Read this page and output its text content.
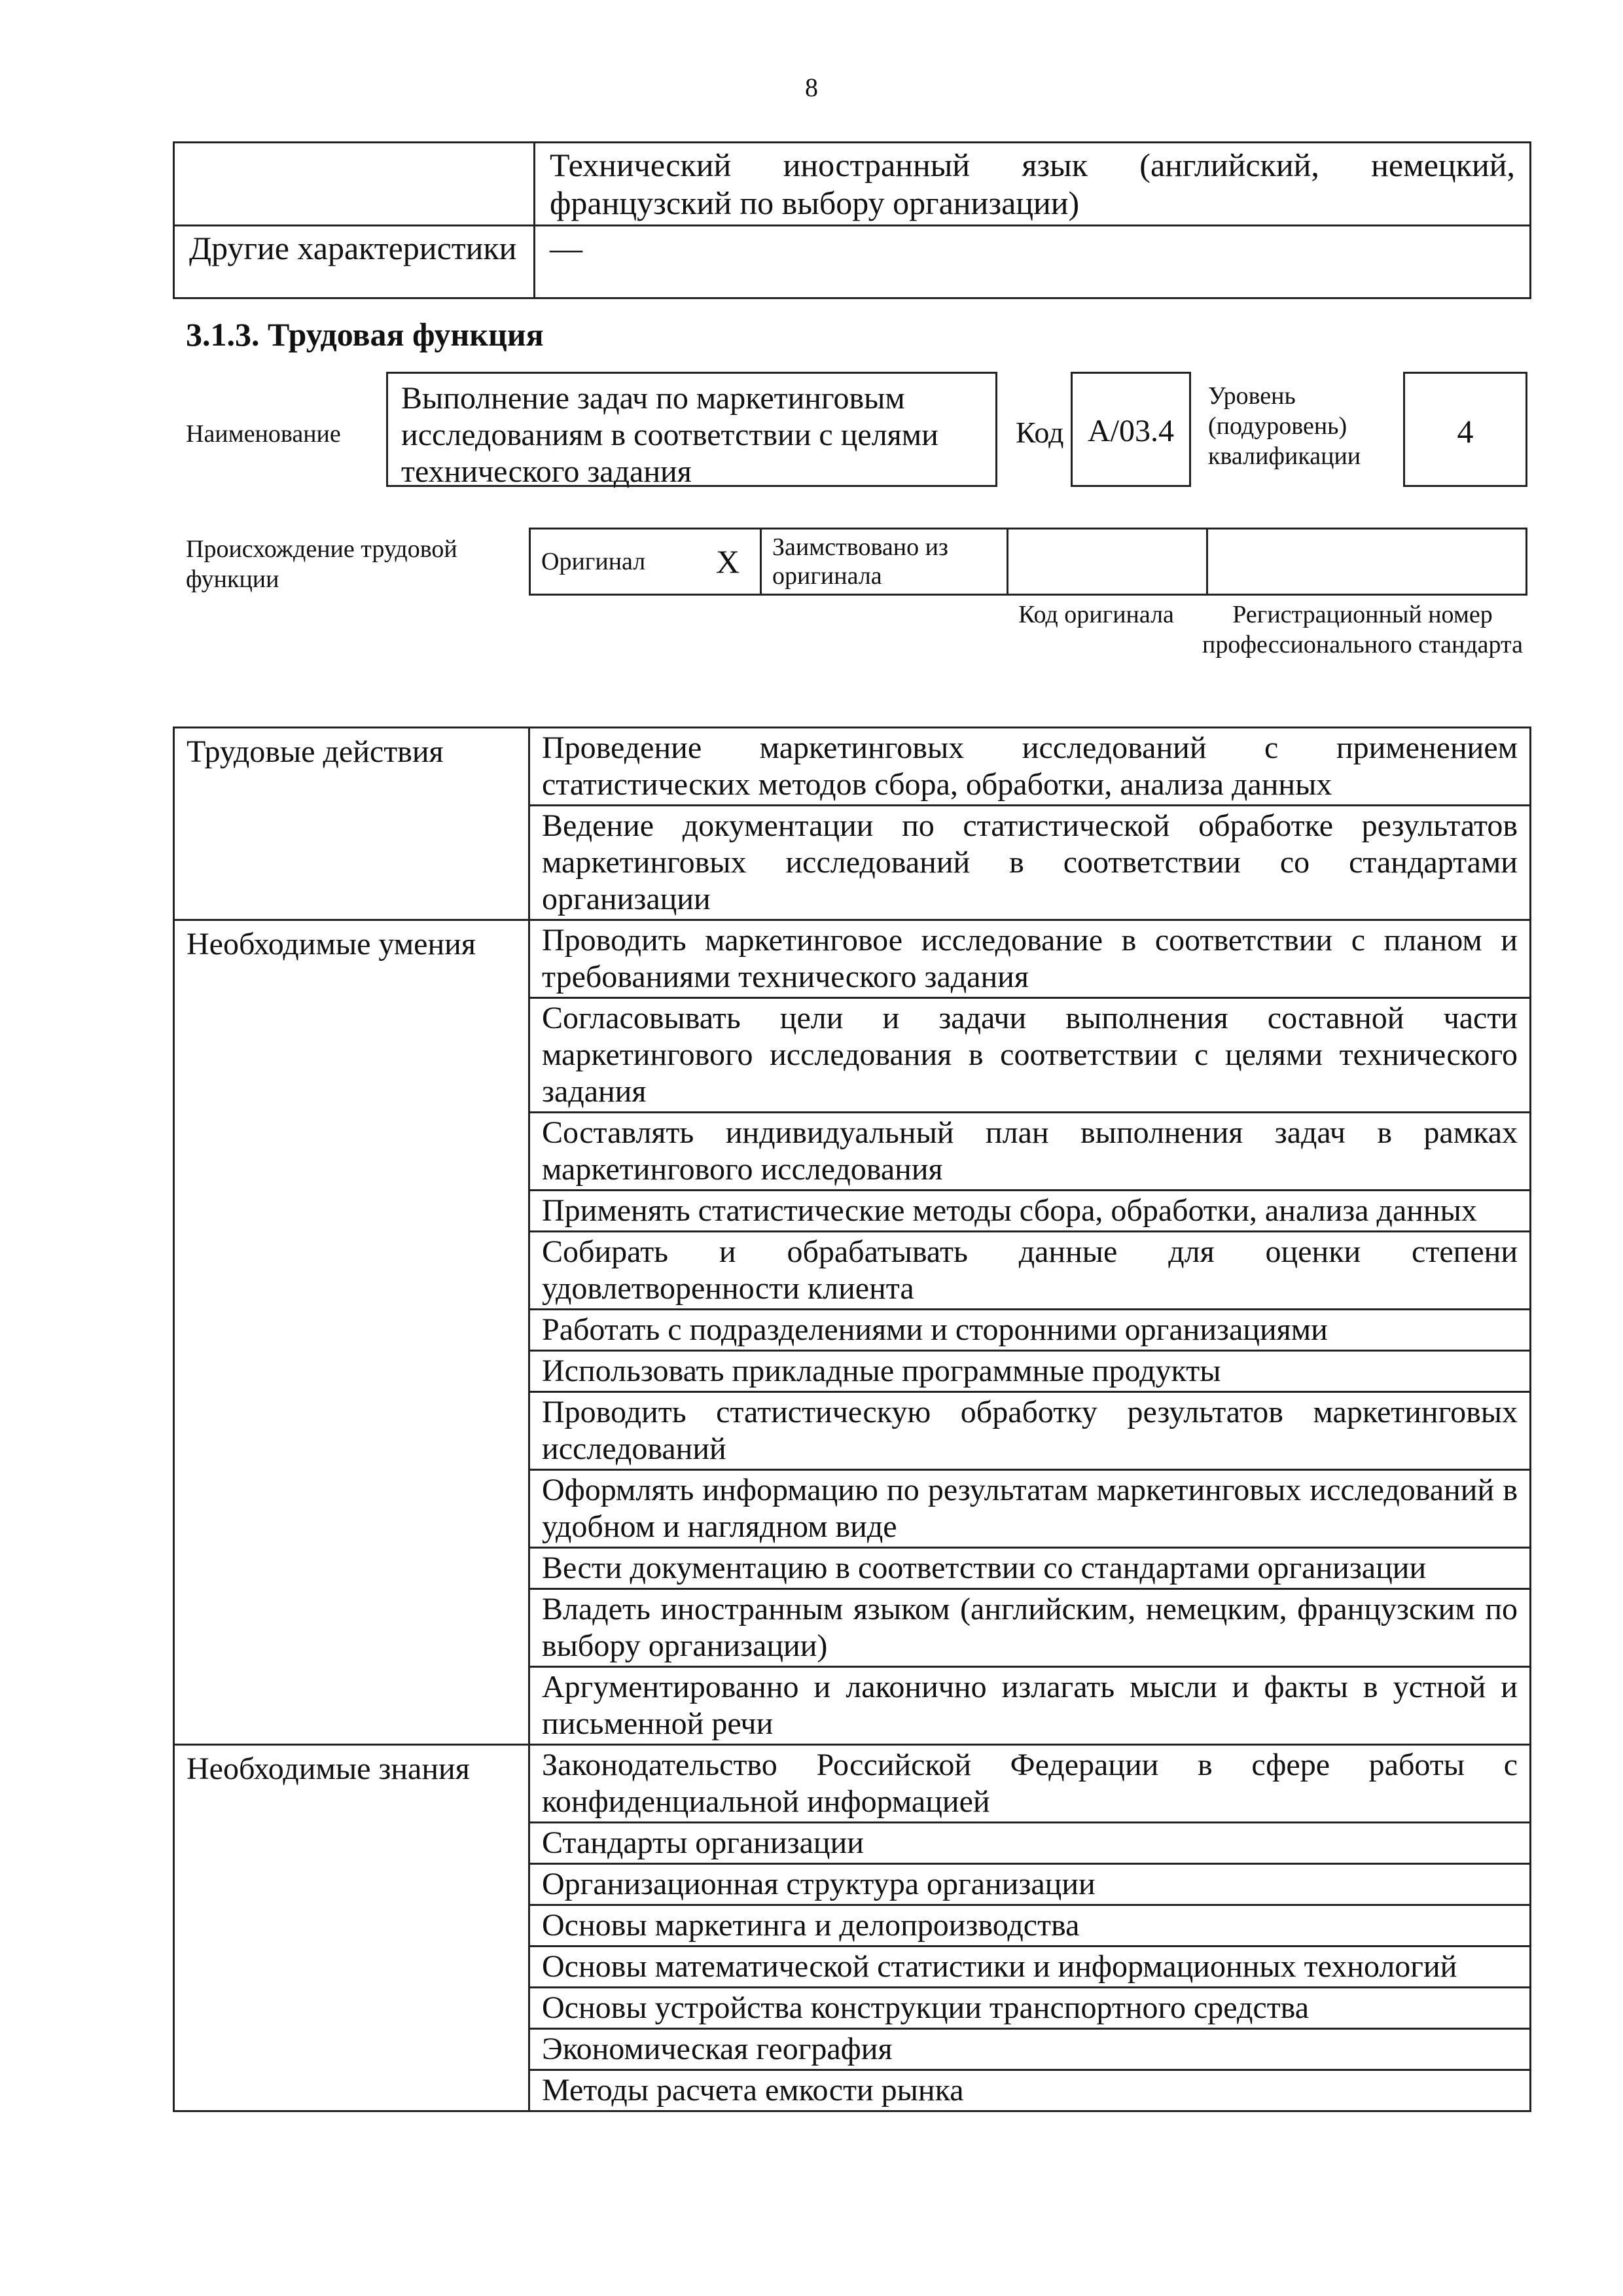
8
	Технический иностранный язык (английский, немецкий, французский по выбору организации)
Другие характеристики	—
3.1.3. Трудовая функция
Наименование
Выполнение задач по маркетинговым исследованиям в соответствии с целями технического задания
Код А/03.4
Уровень (подуровень) квалификации
4
Происхождение трудовой функции
Оригинал	X	Заимствовано из оригинала		
Код оригинала	Регистрационный номер профессионального стандарта
Трудовые действия	Проведение маркетинговых исследований с применением статистических методов сбора, обработки, анализа данных
	Ведение документации по статистической обработке результатов маркетинговых исследований в соответствии со стандартами организации
Необходимые умения	Проводить маркетинговое исследование в соответствии с планом и требованиями технического задания
	Согласовывать цели и задачи выполнения составной части маркетингового исследования в соответствии с целями технического задания
	Составлять индивидуальный план выполнения задач в рамках маркетингового исследования
	Применять статистические методы сбора, обработки, анализа данных
	Собирать и обрабатывать данные для оценки степени удовлетворенности клиента
	Работать с подразделениями и сторонними организациями
	Использовать прикладные программные продукты
	Проводить статистическую обработку результатов маркетинговых исследований
	Оформлять информацию по результатам маркетинговых исследований в удобном и наглядном виде
	Вести документацию в соответствии со стандартами организации
	Владеть иностранным языком (английским, немецким, французским по выбору организации)
	Аргументированно и лаконично излагать мысли и факты в устной и письменной речи
Необходимые знания	Законодательство Российской Федерации в сфере работы с конфиденциальной информацией
	Стандарты организации
	Организационная структура организации
	Основы маркетинга и делопроизводства
	Основы математической статистики и информационных технологий
	Основы устройства конструкции транспортного средства
	Экономическая география
	Методы расчета емкости рынка
